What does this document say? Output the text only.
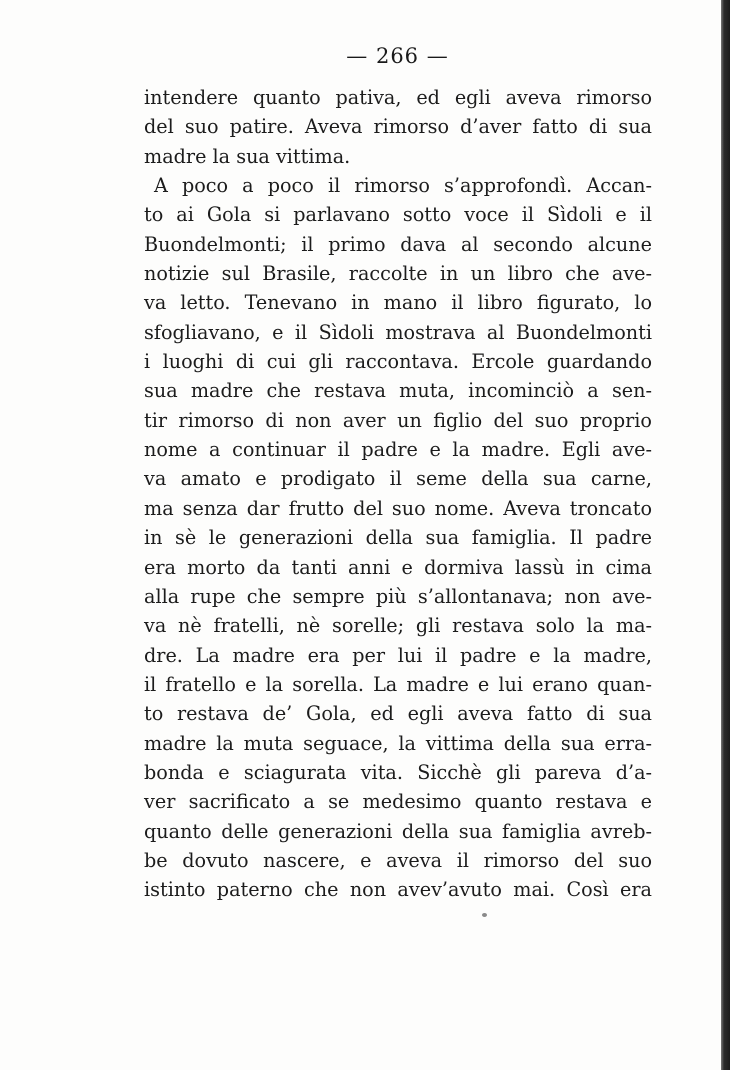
— 266 —
intendere quanto pativa, ed egli aveva rimorso
del suo patire. Aveva rimorso d’aver fatto di sua
madre la sua vittima.
A poco a poco il rimorso s’approfondì. Accan-
to ai Gola si parlavano sotto voce il Sìdoli e il
Buondelmonti; il primo dava al secondo alcune
notizie sul Brasile, raccolte in un libro che ave-
va letto. Tenevano in mano il libro figurato, lo
sfogliavano, e il Sìdoli mostrava al Buondelmonti
i luoghi di cui gli raccontava. Ercole guardando
sua madre che restava muta, incominciò a sen-
tir rimorso di non aver un figlio del suo proprio
nome a continuar il padre e la madre. Egli ave-
va amato e prodigato il seme della sua carne,
ma senza dar frutto del suo nome. Aveva troncato
in sè le generazioni della sua famiglia. Il padre
era morto da tanti anni e dormiva lassù in cima
alla rupe che sempre più s’allontanava; non ave-
va nè fratelli, nè sorelle; gli restava solo la ma-
dre. La madre era per lui il padre e la madre,
il fratello e la sorella. La madre e lui erano quan-
to restava de’ Gola, ed egli aveva fatto di sua
madre la muta seguace, la vittima della sua erra-
bonda e sciagurata vita. Sicchè gli pareva d’a-
ver sacrificato a se medesimo quanto restava e
quanto delle generazioni della sua famiglia avreb-
be dovuto nascere, e aveva il rimorso del suo
istinto paterno che non avev’avuto mai. Così era
